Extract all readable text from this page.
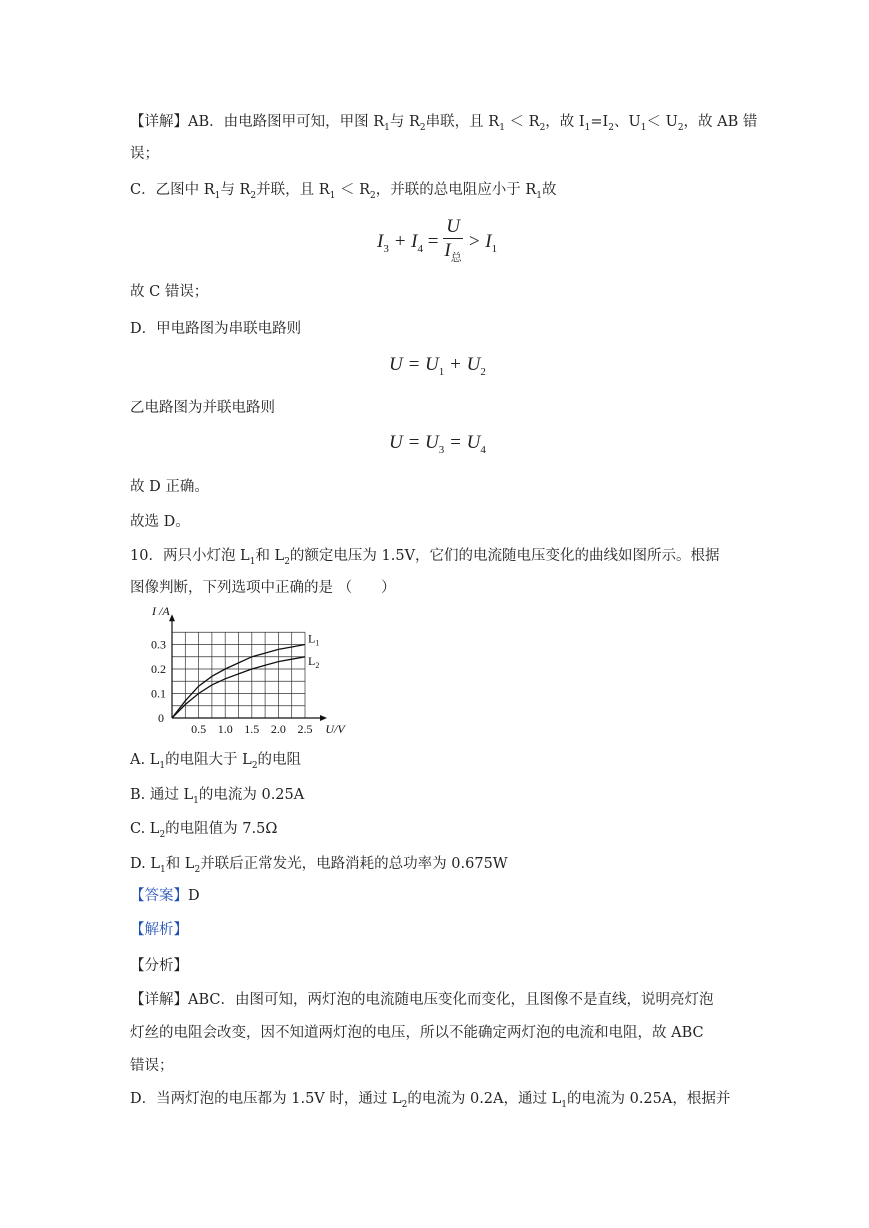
【详解】AB．由电路图甲可知，甲图 $R_1$与 $R_2$串联，且 $R_1 < R_2$，故 $I_1=I_2$、$U_1< U_2$，故 AB 错
误；
C．乙图中 $R_1$与 $R_2$并联，且 $R_1 < R_2$，并联的总电阻应小于 $R_1$故
$I_3 + I_4 = \frac{U}{I_总} > I_1$
故 C 错误；
D．甲电路图为串联电路则
$U = U_1 + U_2$
乙电路图为并联电路则
$U = U_3 = U_4$
故 D 正确。
故选 D。
10．两只小灯泡 $L_1$和 $L_2$的额定电压为 1.5V，它们的电流随电压变化的曲线如图所示。根据
图像判断，下列选项中正确的是 （　　）
0.5 1.0 1.5 2.0 2.5
0.1
0.2
0.3
0
I /A
U/V
$L_1$
$L_2$
A. $L_1$的电阻大于 $L_2$的电阻
B. 通过 $L_1$的电流为 0.25A
C. $L_2$的电阻值为 7.5Ω
D. $L_1$和 $L_2$并联后正常发光，电路消耗的总功率为 0.675W
【答案】D
【解析】
【分析】
【详解】ABC．由图可知，两灯泡的电流随电压变化而变化，且图像不是直线，说明亮灯泡
灯丝的电阻会改变，因不知道两灯泡的电压，所以不能确定两灯泡的电流和电阻，故 ABC
错误；
D．当两灯泡的电压都为 1.5V 时，通过 $L_2$的电流为 0.2A，通过 $L_1$的电流为 0.25A，根据并
